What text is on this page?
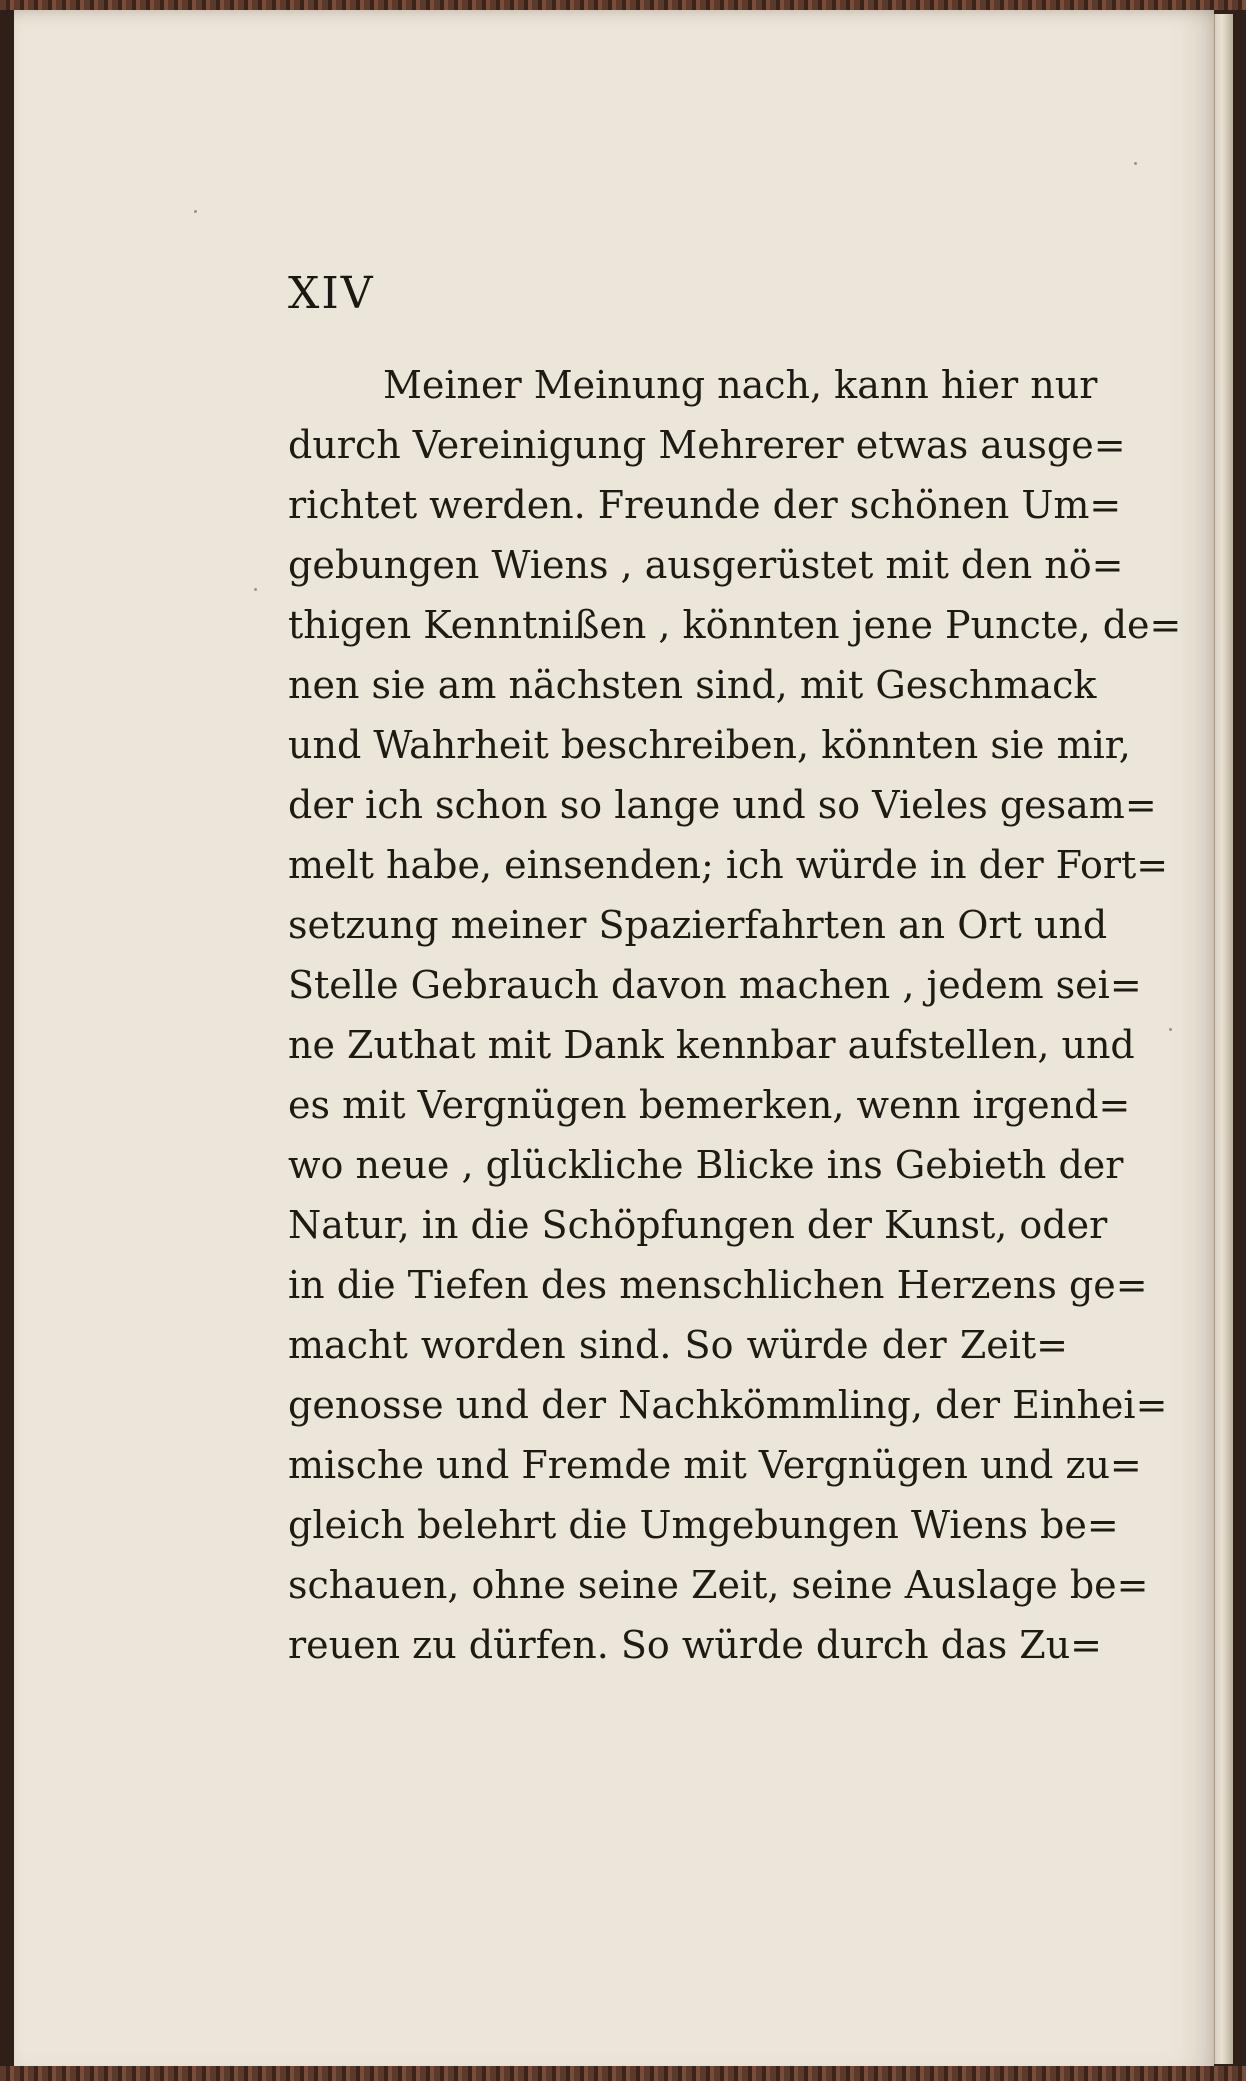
XIV
Meiner Meinung nach, kann hier nur
durch Vereinigung Mehrerer etwas ausge=
richtet werden. Freunde der schönen Um=
gebungen Wiens , ausgerüstet mit den nö=
thigen Kenntnißen , könnten jene Puncte, de=
nen sie am nächsten sind, mit Geschmack
und Wahrheit beschreiben, könnten sie mir,
der ich schon so lange und so Vieles gesam=
melt habe, einsenden; ich würde in der Fort=
setzung meiner Spazierfahrten an Ort und
Stelle Gebrauch davon machen , jedem sei=
ne Zuthat mit Dank kennbar aufstellen, und
es mit Vergnügen bemerken, wenn irgend=
wo neue , glückliche Blicke ins Gebieth der
Natur, in die Schöpfungen der Kunst, oder
in die Tiefen des menschlichen Herzens ge=
macht worden sind. So würde der Zeit=
genosse und der Nachkömmling, der Einhei=
mische und Fremde mit Vergnügen und zu=
gleich belehrt die Umgebungen Wiens be=
schauen, ohne seine Zeit, seine Auslage be=
reuen zu dürfen. So würde durch das Zu=
